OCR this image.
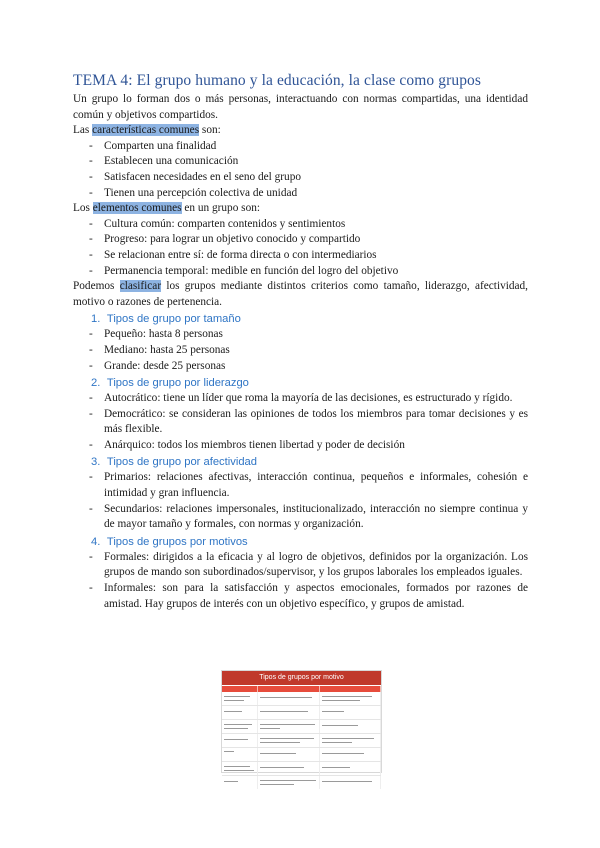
TEMA 4: El grupo humano y la educación, la clase como grupos

Un grupo lo forman dos o más personas, interactuando con normas compartidas, una identidad común y objetivos compartidos.

Las características comunes son:

- Comparten una finalidad
- Establecen una comunicación
- Satisfacen necesidades en el seno del grupo
- Tienen una percepción colectiva de unidad

Los elementos comunes en un grupo son:

- Cultura común: comparten contenidos y sentimientos
- Progreso: para lograr un objetivo conocido y compartido
- Se relacionan entre sí: de forma directa o con intermediarios
- Permanencia temporal: medible en función del logro del objetivo

Podemos clasificar los grupos mediante distintos criterios como tamaño, liderazgo, afectividad, motivo o razones de pertenencia.

1. Tipos de grupo por tamaño
- Pequeño: hasta 8 personas
- Mediano: hasta 25 personas
- Grande: desde 25 personas
2. Tipos de grupo por liderazgo
- Autocrático: tiene un líder que roma la mayoría de las decisiones, es estructurado y rígido.
- Democrático: se consideran las opiniones de todos los miembros para tomar decisiones y es más flexible.
- Anárquico: todos los miembros tienen libertad y poder de decisión
3. Tipos de grupo por afectividad
- Primarios: relaciones afectivas, interacción continua, pequeños e informales, cohesión e intimidad y gran influencia.
- Secundarios: relaciones impersonales, institucionalizado, interacción no siempre continua y de mayor tamaño y formales, con normas y organización.
4. Tipos de grupos por motivos
- Formales: dirigidos a la eficacia y al logro de objetivos, definidos por la organización. Los grupos de mando son subordinados/supervisor, y los grupos laborales los empleados iguales.
- Informales: son para la satisfacción y aspectos emocionales, formados por razones de amistad. Hay grupos de interés con un objetivo específico, y grupos de amistad.
Tipos de grupos por motivo
